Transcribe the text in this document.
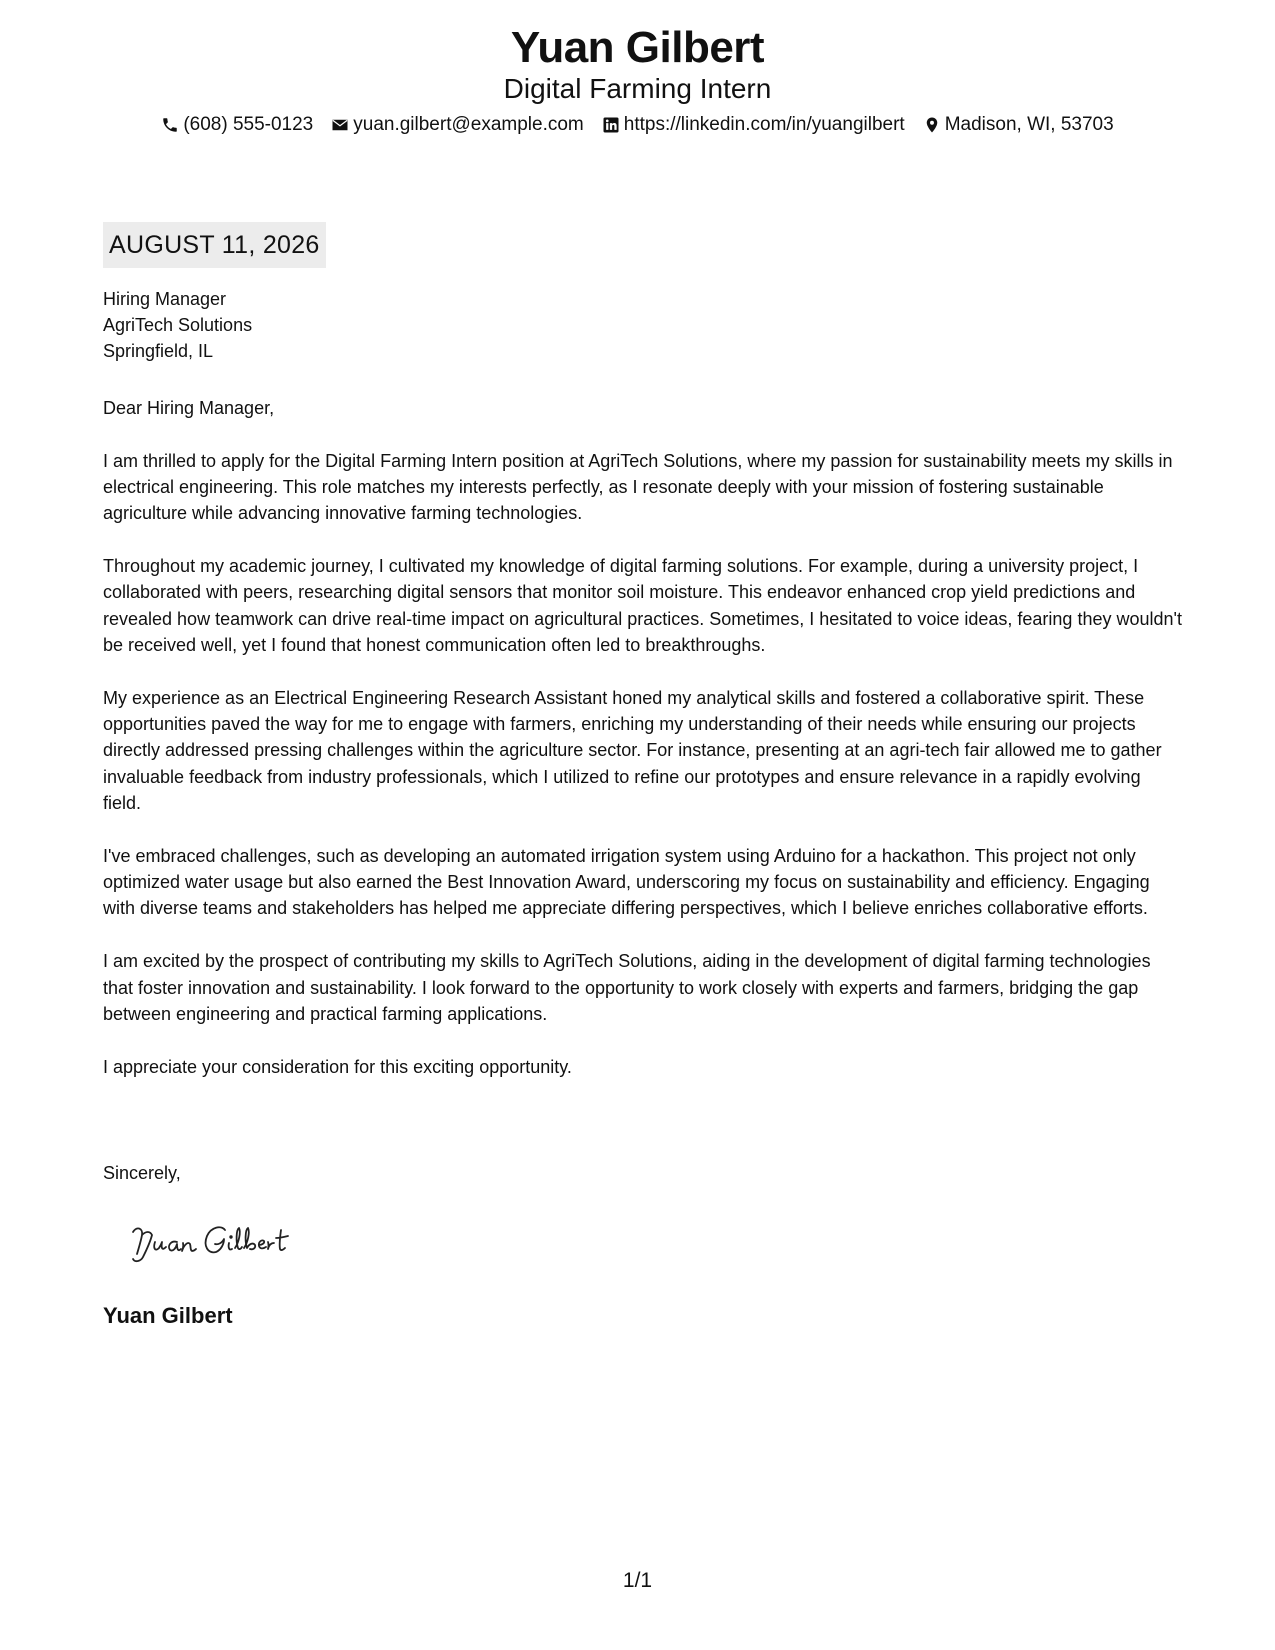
Yuan Gilbert
Digital Farming Intern
(608) 555-0123 yuan.gilbert@example.com https://linkedin.com/in/yuangilbert Madison, WI, 53703
AUGUST 11, 2026
Hiring Manager
AgriTech Solutions
Springfield, IL

Dear Hiring Manager,

I am thrilled to apply for the Digital Farming Intern position at AgriTech Solutions, where my passion for sustainability meets my skills in electrical engineering. This role matches my interests perfectly, as I resonate deeply with your mission of fostering sustainable agriculture while advancing innovative farming technologies.

Throughout my academic journey, I cultivated my knowledge of digital farming solutions. For example, during a university project, I collaborated with peers, researching digital sensors that monitor soil moisture. This endeavor enhanced crop yield predictions and revealed how teamwork can drive real-time impact on agricultural practices. Sometimes, I hesitated to voice ideas, fearing they wouldn't be received well, yet I found that honest communication often led to breakthroughs.

My experience as an Electrical Engineering Research Assistant honed my analytical skills and fostered a collaborative spirit. These opportunities paved the way for me to engage with farmers, enriching my understanding of their needs while ensuring our projects directly addressed pressing challenges within the agriculture sector. For instance, presenting at an agri-tech fair allowed me to gather invaluable feedback from industry professionals, which I utilized to refine our prototypes and ensure relevance in a rapidly evolving field.

I've embraced challenges, such as developing an automated irrigation system using Arduino for a hackathon. This project not only optimized water usage but also earned the Best Innovation Award, underscoring my focus on sustainability and efficiency. Engaging with diverse teams and stakeholders has helped me appreciate differing perspectives, which I believe enriches collaborative efforts.

I am excited by the prospect of contributing my skills to AgriTech Solutions, aiding in the development of digital farming technologies that foster innovation and sustainability. I look forward to the opportunity to work closely with experts and farmers, bridging the gap between engineering and practical farming applications.

I appreciate your consideration for this exciting opportunity.

Sincerely,
Yuan Gilbert
1/1
